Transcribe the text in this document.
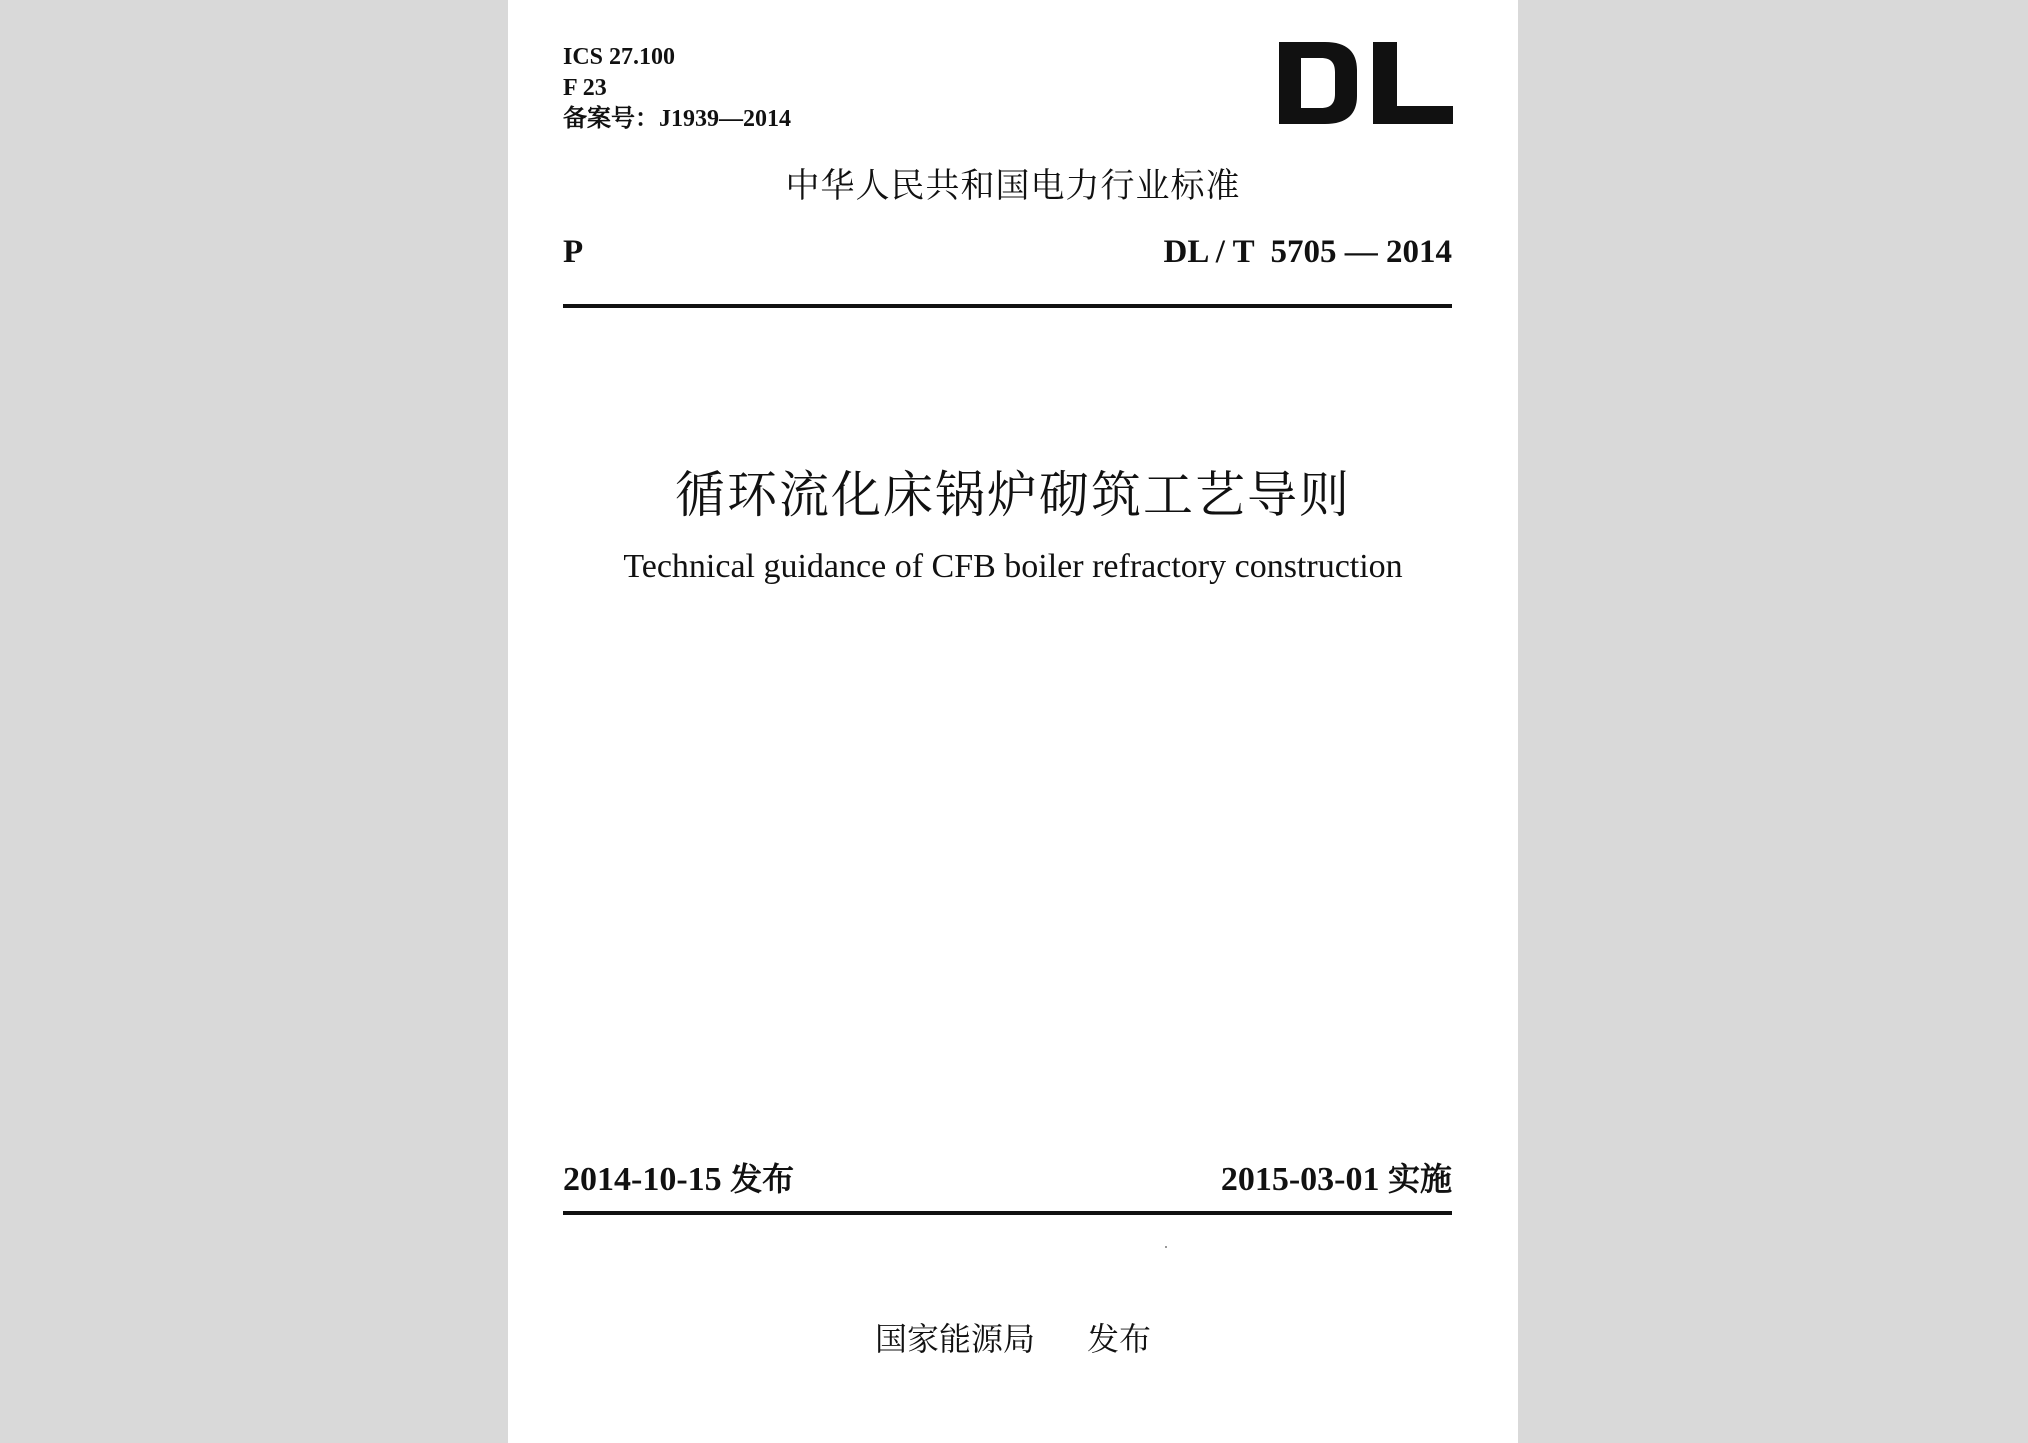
ICS 27.100
F 23
备案号：J1939—2014
中华人民共和国电力行业标准
P	DL / T  5705 — 2014
循环流化床锅炉砌筑工艺导则
Technical guidance of CFB boiler refractory construction
2014-10-15 发布	2015-03-01 实施
国家能源局 发布
